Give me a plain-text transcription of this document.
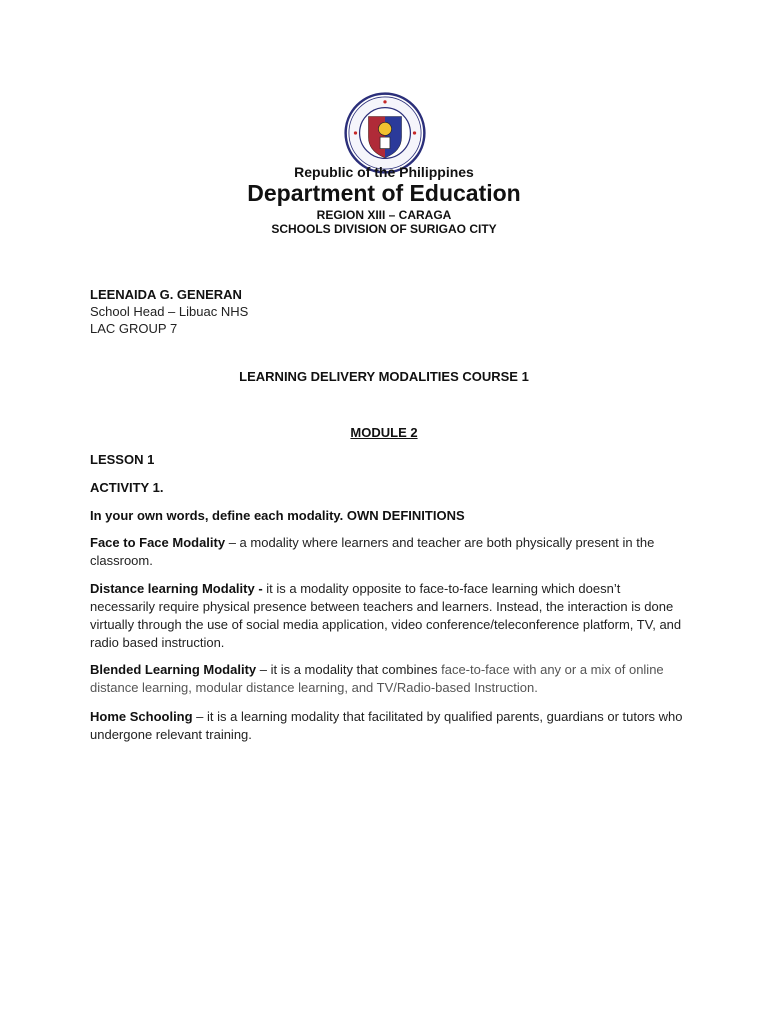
Republic of the Philippines
Department of Education
REGION XIII – CARAGA
SCHOOLS DIVISION OF SURIGAO CITY
LEENAIDA G. GENERAN
School Head – Libuac NHS
LAC GROUP 7
LEARNING DELIVERY MODALITIES COURSE 1
MODULE 2
LESSON 1
ACTIVITY 1.
In your own words, define each modality. OWN DEFINITIONS
Face to Face Modality – a modality where learners and teacher are both physically present in the classroom.
Distance learning Modality - it is a modality opposite to face-to-face learning which doesn’t necessarily require physical presence between teachers and learners. Instead, the interaction is done virtually through the use of social media application, video conference/teleconference platform, TV, and radio based instruction.
Blended Learning Modality – it is a modality that combines face-to-face with any or a mix of online distance learning, modular distance learning, and TV/Radio-based Instruction.
Home Schooling – it is a learning modality that facilitated by qualified parents, guardians or tutors who undergone relevant training.
